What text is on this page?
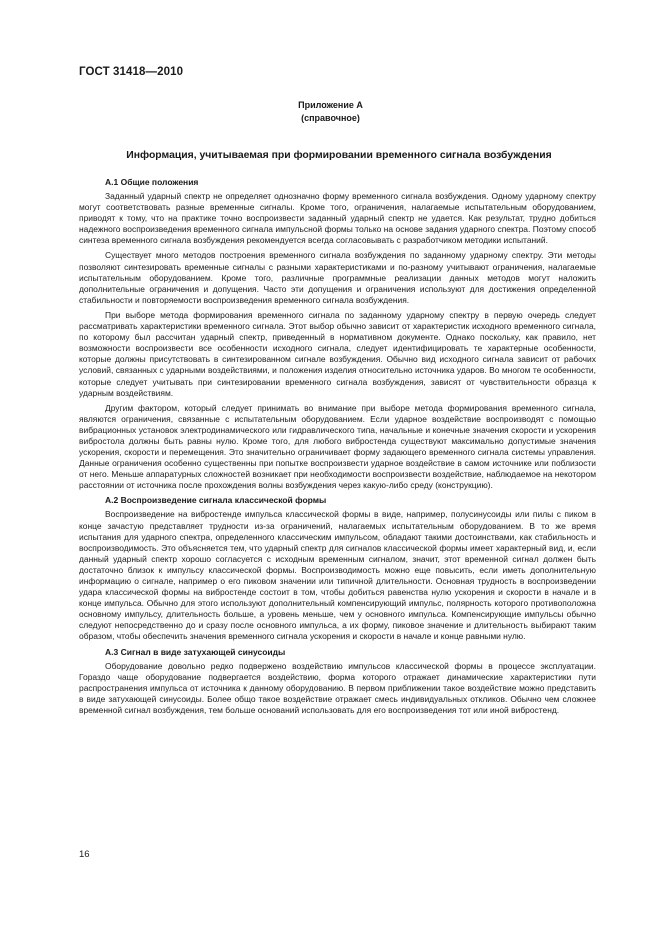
ГОСТ 31418—2010
Приложение А
(справочное)
Информация, учитываемая при формировании временного сигнала возбуждения
А.1 Общие положения

Заданный ударный спектр не определяет однозначно форму временного сигнала возбуждения. Одному ударному спектру могут соответствовать разные временные сигналы. Кроме того, ограничения, налагаемые испытательным оборудованием, приводят к тому, что на практике точно воспроизвести заданный ударный спектр не удается. Как результат, трудно добиться надежного воспроизведения временного сигнала импульсной формы только на основе задания ударного спектра. Поэтому способ синтеза временного сигнала возбуждения рекомендуется всегда согласовывать с разработчиком методики испытаний.

Существует много методов построения временного сигнала возбуждения по заданному ударному спектру. Эти методы позволяют синтезировать временные сигналы с разными характеристиками и по-разному учитывают ограничения, налагаемые испытательным оборудованием. Кроме того, различные программные реализации данных методов могут наложить дополнительные ограничения и допущения. Часто эти допущения и ограничения используют для достижения определенной стабильности и повторяемости воспроизведения временного сигнала возбуждения.

При выборе метода формирования временного сигнала по заданному ударному спектру в первую очередь следует рассматривать характеристики временного сигнала. Этот выбор обычно зависит от характеристик исходного временного сигнала, по которому был рассчитан ударный спектр, приведенный в нормативном документе. Однако поскольку, как правило, нет возможности воспроизвести все особенности исходного сигнала, следует идентифицировать те характерные особенности, которые должны присутствовать в синтезированном сигнале возбуждения. Обычно вид исходного сигнала зависит от рабочих условий, связанных с ударными воздействиями, и положения изделия относительно источника ударов. Во многом те особенности, которые следует учитывать при синтезировании временного сигнала возбуждения, зависят от чувствительности образца к ударным воздействиям.

Другим фактором, который следует принимать во внимание при выборе метода формирования временного сигнала, являются ограничения, связанные с испытательным оборудованием. Если ударное воздействие воспроизводят с помощью вибрационных установок электродинамического или гидравлического типа, начальные и конечные значения скорости и ускорения вибростола должны быть равны нулю. Кроме того, для любого вибростенда существуют максимально допустимые значения ускорения, скорости и перемещения. Это значительно ограничивает форму задающего временного сигнала системы управления. Данные ограничения особенно существенны при попытке воспроизвести ударное воздействие в самом источнике или поблизости от него. Меньше аппаратурных сложностей возникает при необходимости воспроизвести воздействие, наблюдаемое на некотором расстоянии от источника после прохождения волны возбуждения через какую-либо среду (конструкцию).

А.2 Воспроизведение сигнала классической формы

Воспроизведение на вибростенде импульса классической формы в виде, например, полусинусоиды или пилы с пиком в конце зачастую представляет трудности из-за ограничений, налагаемых испытательным оборудованием. В то же время испытания для ударного спектра, определенного классическим импульсом, обладают такими достоинствами, как стабильность и воспроизводимость. Это объясняется тем, что ударный спектр для сигналов классической формы имеет характерный вид, и, если данный ударный спектр хорошо согласуется с исходным временным сигналом, значит, этот временной сигнал должен быть достаточно близок к импульсу классической формы. Воспроизводимость можно еще повысить, если иметь дополнительную информацию о сигнале, например о его пиковом значении или типичной длительности. Основная трудность в воспроизведении удара классической формы на вибростенде состоит в том, чтобы добиться равенства нулю ускорения и скорости в начале и в конце импульса. Обычно для этого используют дополнительный компенсирующий импульс, полярность которого противоположна основному импульсу, длительность больше, а уровень меньше, чем у основного импульса. Компенсирующие импульсы обычно следуют непосредственно до и сразу после основного импульса, а их форму, пиковое значение и длительность выбирают таким образом, чтобы обеспечить значения временного сигнала ускорения и скорости в начале и конце равными нулю.

А.3 Сигнал в виде затухающей синусоиды

Оборудование довольно редко подвержено воздействию импульсов классической формы в процессе эксплуатации. Гораздо чаще оборудование подвергается воздействию, форма которого отражает динамические характеристики пути распространения импульса от источника к данному оборудованию. В первом приближении такое воздействие можно представить в виде затухающей синусоиды. Более общо такое воздействие отражает смесь индивидуальных откликов. Обычно чем сложнее временной сигнал возбуждения, тем больше оснований использовать для его воспроизведения тот или иной вибростенд.

16
